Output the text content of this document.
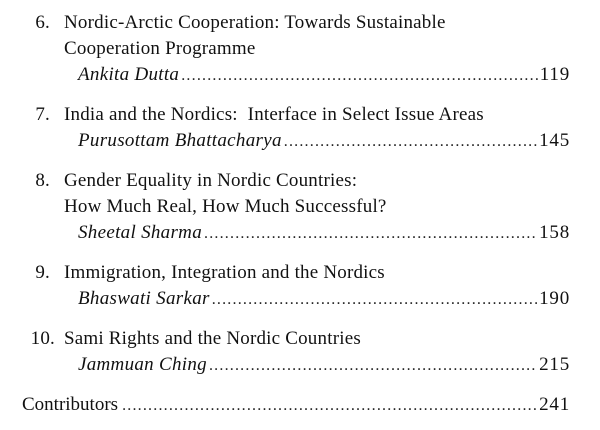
6. Nordic-Arctic Cooperation: Towards Sustainable
Cooperation Programme
Ankita Dutta .....	119
7. India and the Nordics:  Interface in Select Issue Areas
Purusottam Bhattacharya .....	145
8. Gender Equality in Nordic Countries:
How Much Real, How Much Successful?
Sheetal Sharma .....	158
9. Immigration, Integration and the Nordics
Bhaswati Sarkar .....	190
10. Sami Rights and the Nordic Countries
Jammuan Ching .....	215
Contributors .....	241
